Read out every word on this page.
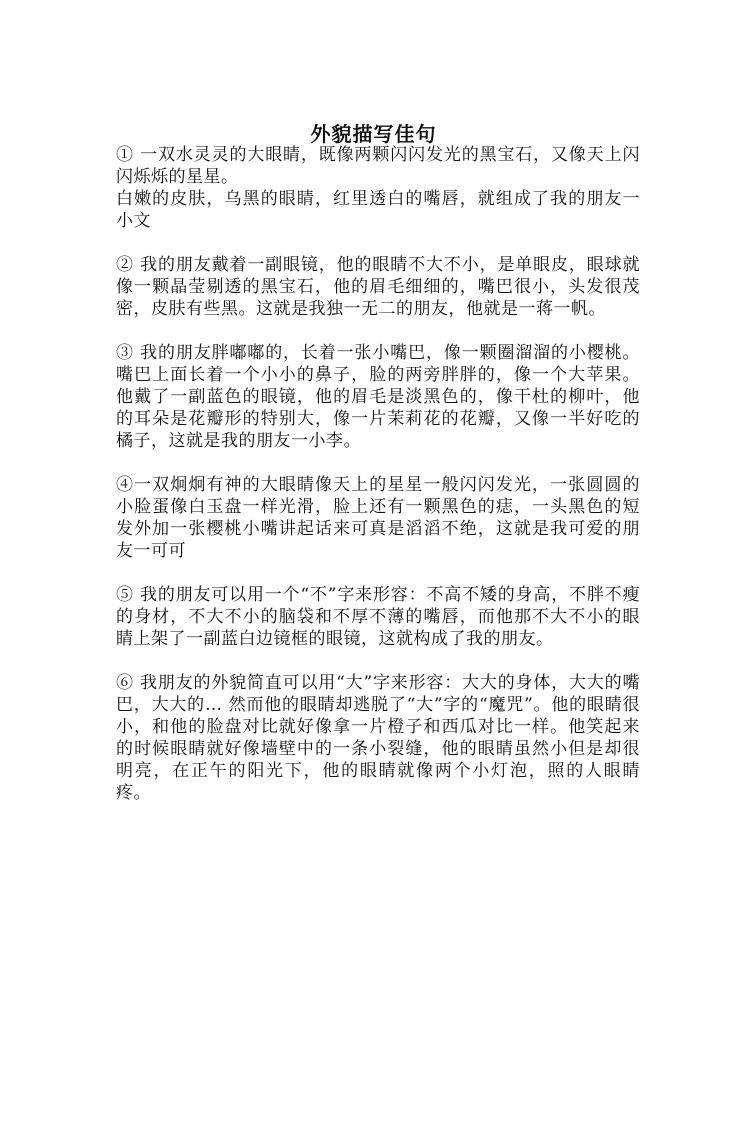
外貌描写佳句

① 一双水灵灵的大眼睛，既像两颗闪闪发光的黑宝石，又像天上闪闪烁烁的星星。

白嫩的皮肤，乌黑的眼睛，红里透白的嘴唇，就组成了我的朋友一小文

② 我的朋友戴着一副眼镜，他的眼睛不大不小，是单眼皮，眼球就像一颗晶莹剔透的黑宝石，他的眉毛细细的，嘴巴很小，头发很茂密，皮肤有些黑。这就是我独一无二的朋友，他就是一蒋一帆。

③ 我的朋友胖嘟嘟的，长着一张小嘴巴，像一颗圈溜溜的小樱桃。嘴巴上面长着一个小小的鼻子，脸的两旁胖胖的，像一个大苹果。他戴了一副蓝色的眼镜，他的眉毛是淡黑色的，像干杜的柳叶，他的耳朵是花瓣形的特别大，像一片茉莉花的花瓣，又像一半好吃的橘子，这就是我的朋友一小李。

④一双炯炯有神的大眼睛像天上的星星一般闪闪发光，一张圆圆的小脸蛋像白玉盘一样光滑，脸上还有一颗黑色的痣，一头黑色的短发外加一张樱桃小嘴讲起话来可真是滔滔不绝，这就是我可爱的朋友一可可

⑤ 我的朋友可以用一个“不”字来形容：不高不矮的身高，不胖不瘦的身材，不大不小的脑袋和不厚不薄的嘴唇，而他那不大不小的眼睛上架了一副蓝白边镜框的眼镜，这就构成了我的朋友。

⑥ 我朋友的外貌简直可以用“大”字来形容：大大的身体，大大的嘴巴，大大的… 然而他的眼睛却逃脱了“大”字的“魔咒”。他的眼睛很小，和他的脸盘对比就好像拿一片橙子和西瓜对比一样。他笑起来的时候眼睛就好像墙壁中的一条小裂缝，他的眼睛虽然小但是却很明亮，在正午的阳光下，他的眼睛就像两个小灯泡，照的人眼睛疼。
